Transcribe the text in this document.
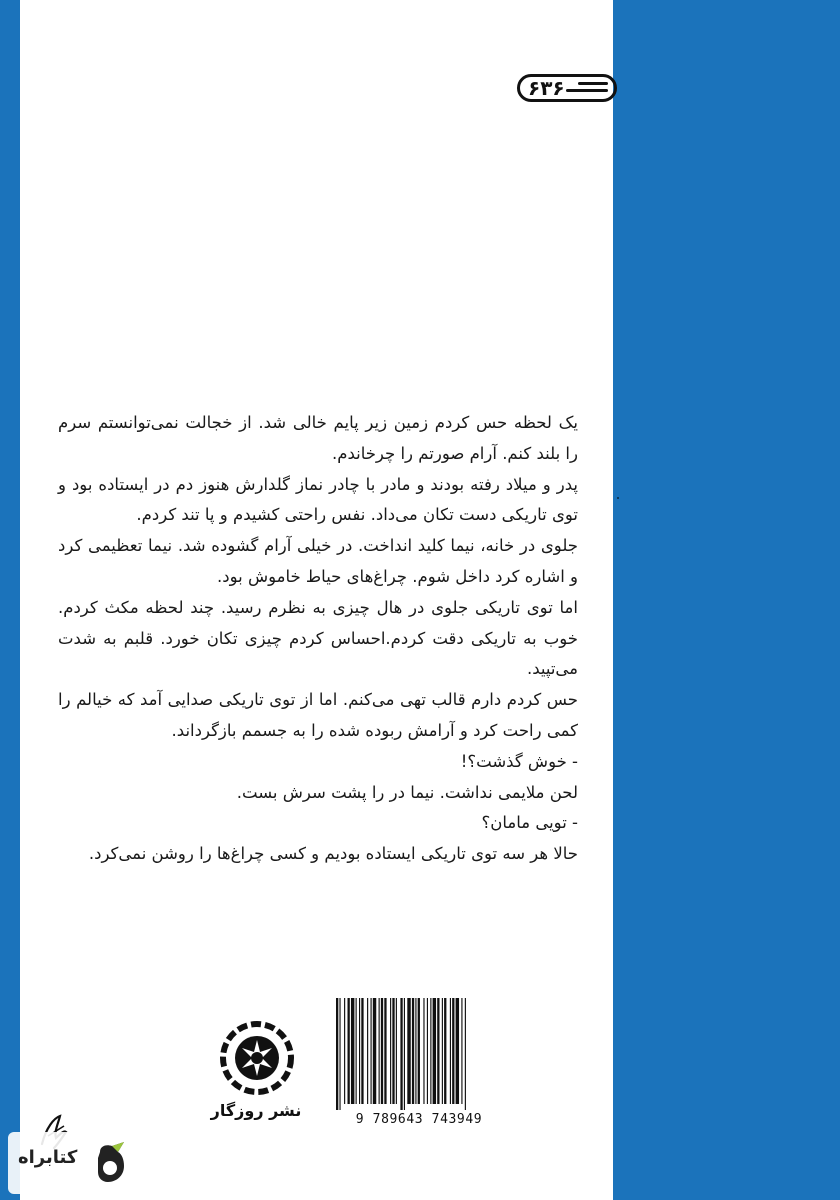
۶۳۶

یک لحظه حس کردم زمین زیر پایم خالی شد. از خجالت نمی‌توانستم سرم را بلند کنم. آرام صورتم را چرخاندم.

پدر و میلاد رفته بودند و مادر با چادر نماز گلدارش هنوز دم در ایستاده بود و توی تاریکی دست تکان می‌داد. نفس راحتی کشیدم و پا تند کردم.

جلوی در خانه، نیما کلید انداخت. در خیلی آرام گشوده شد. نیما تعظیمی کرد و اشاره کرد داخل شوم. چراغ‌های حیاط خاموش بود.

اما توی تاریکی جلوی در هال چیزی به نظرم رسید. چند لحظه مکث کردم. خوب به تاریکی دقت کردم.احساس کردم چیزی تکان خورد. قلبم به شدت می‌تپید.

حس کردم دارم قالب تهی می‌کنم. اما از توی تاریکی صدایی آمد که خیالم را کمی راحت کرد و آرامش ربوده شده را به جسمم بازگرداند.

- خوش گذشت؟!

لحن ملایمی نداشت. نیما در را پشت سرش بست.

- تویی مامان؟

حالا هر سه توی تاریکی ایستاده بودیم و کسی چراغ‌ها را روشن نمی‌کرد.

نشر روزگار	9 789643 743949
کتابراه
